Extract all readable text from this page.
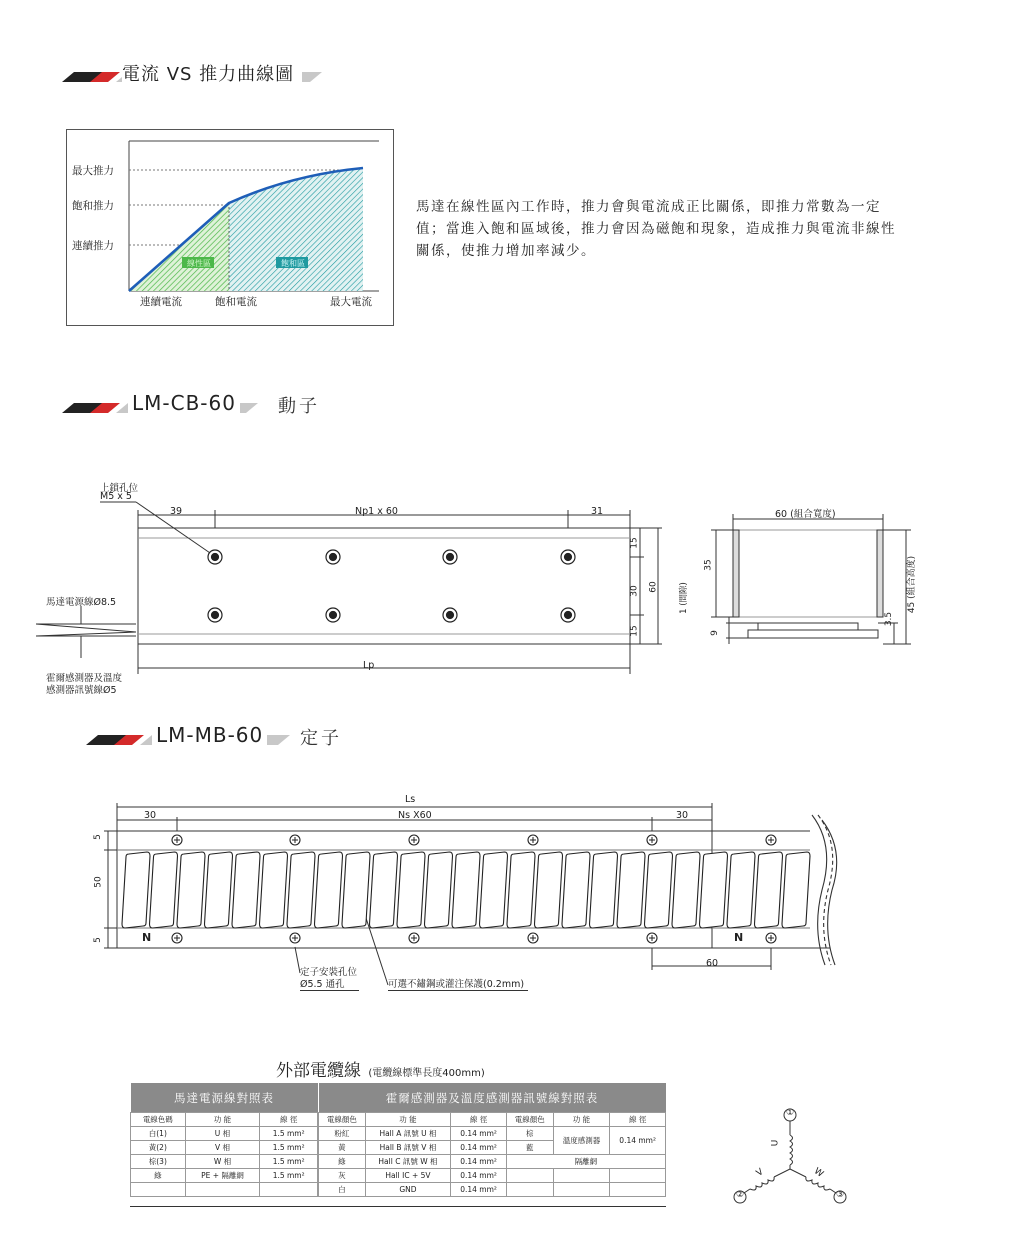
電流 VS 推力曲線圖
最大推力
飽和推力
連續推力
連續電流	飽和電流	最大電流
線性區	飽和區
馬達在線性區內工作時，推力會與電流成正比關係，即推力常數為一定值；當進入飽和區域後，推力會因為磁飽和現象，造成推力與電流非線性關係，使推力增加率減少。
LM-CB-60 動子
上鎖孔位
M5 x 5
39	Np1 x 60	31
15
30 60
15
Lp
馬達電源線Ø8.5
霍爾感測器及溫度
感測器訊號線Ø5
60 (組合寬度)
35
1 (間隙)
9
3.5
45 (組合高度)
LM-MB-60 定子
Ls
30	Ns X60	30
5
50
5
60
N	N
定子安裝孔位
Ø5.5 通孔	可選不鏽鋼或灌注保護(0.2mm)
外部電纜線 (電纜線標準長度400mm)
馬達電源線對照表		
電線色碼	功 能	線 徑
白(1)	U 相	1.5 mm²
黃(2)	V 相	1.5 mm²
棕(3)	W 相	1.5 mm²
綠	PE + 隔離網	1.5 mm²

霍爾感測器及溫度感測器訊號線對照表					
電線顏色	功 能	線 徑	電線顏色	功 能	線 徑
粉紅	Hall A 訊號 U 相	0.14 mm²	棕	溫度感測器	0.14 mm²
黃	Hall B 訊號 V 相	0.14 mm²	藍		
綠	Hall C 訊號 W 相	0.14 mm²	隔離網		
灰	Hall IC + 5V	0.14 mm²			
白	GND	0.14 mm²			
①
②	③
U
V	W
